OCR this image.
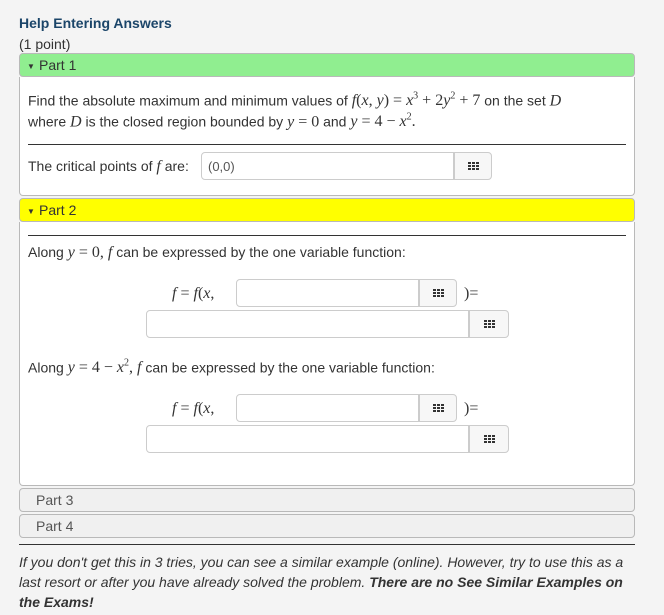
Help Entering Answers
(1 point)
▼ Part 1
Find the absolute maximum and minimum values of f(x, $y) = x^3 + 2y^2 + 7$ on the set D
where D is the closed region bounded by y = 0 and $y = 4 - x^2$.
The critical points of f are:
(0,0)
▼ Part 2
Along y = 0, f can be expressed by the one variable function:
f = f(x,	)=
Along $y = 4 - x^2$, f can be expressed by the one variable function:
f = f(x,	)=
Part 3
Part 4
If you don't get this in 3 tries, you can see a similar example (online). However, try to use this as a last resort or after you have already solved the problem. There are no See Similar Examples on the Exams!
